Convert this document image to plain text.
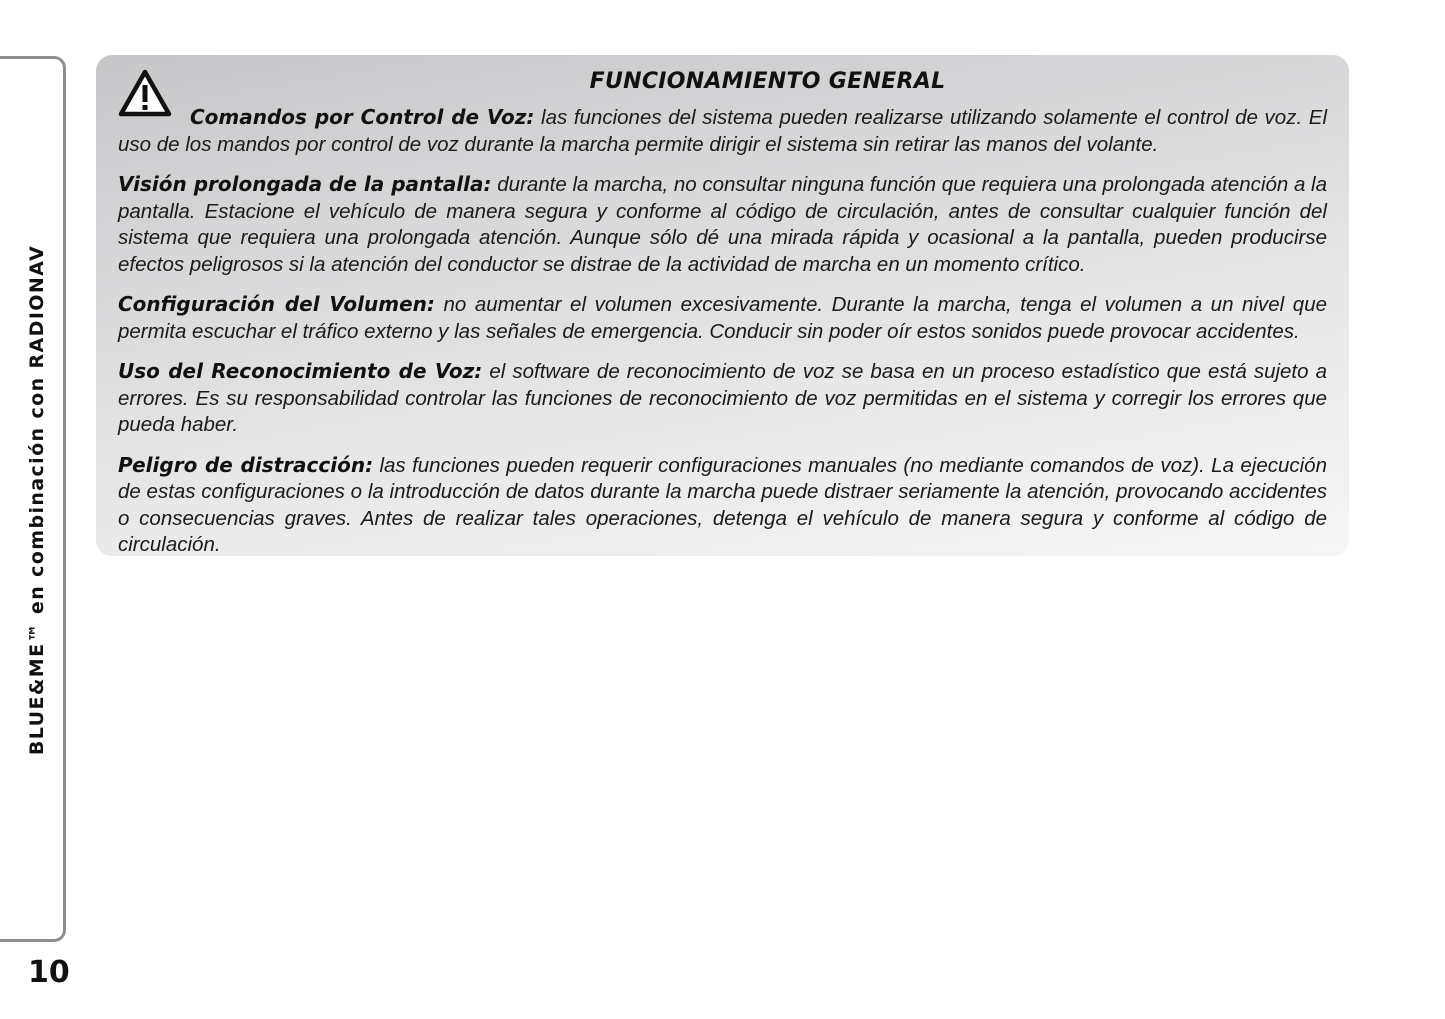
BLUE&ME™ en combinación con RADIONAV
10
FUNCIONAMIENTO GENERAL

Comandos por Control de Voz: las funciones del sistema pueden realizarse utilizando solamente el control de voz. El uso de los mandos por control de voz durante la marcha permite dirigir el sistema sin retirar las manos del volante.

Visión prolongada de la pantalla: durante la marcha, no consultar ninguna función que requiera una prolongada atención a la pantalla. Estacione el vehículo de manera segura y conforme al código de circulación, antes de consultar cualquier función del sistema que requiera una prolongada atención. Aunque sólo dé una mirada rápida y ocasional a la pantalla, pueden producirse efectos peligrosos si la atención del conductor se distrae de la actividad de marcha en un momento crítico.

Configuración del Volumen: no aumentar el volumen excesivamente. Durante la marcha, tenga el volumen a un nivel que permita escuchar el tráfico externo y las señales de emergencia. Conducir sin poder oír estos sonidos puede provocar accidentes.

Uso del Reconocimiento de Voz: el software de reconocimiento de voz se basa en un proceso estadístico que está sujeto a errores. Es su responsabilidad controlar las funciones de reconocimiento de voz permitidas en el sistema y corregir los errores que pueda haber.

Peligro de distracción: las funciones pueden requerir configuraciones manuales (no mediante comandos de voz). La ejecución de estas configuraciones o la introducción de datos durante la marcha puede distraer seriamente la atención, provocando accidentes o consecuencias graves. Antes de realizar tales operaciones, detenga el vehículo de manera segura y conforme al código de circulación.
